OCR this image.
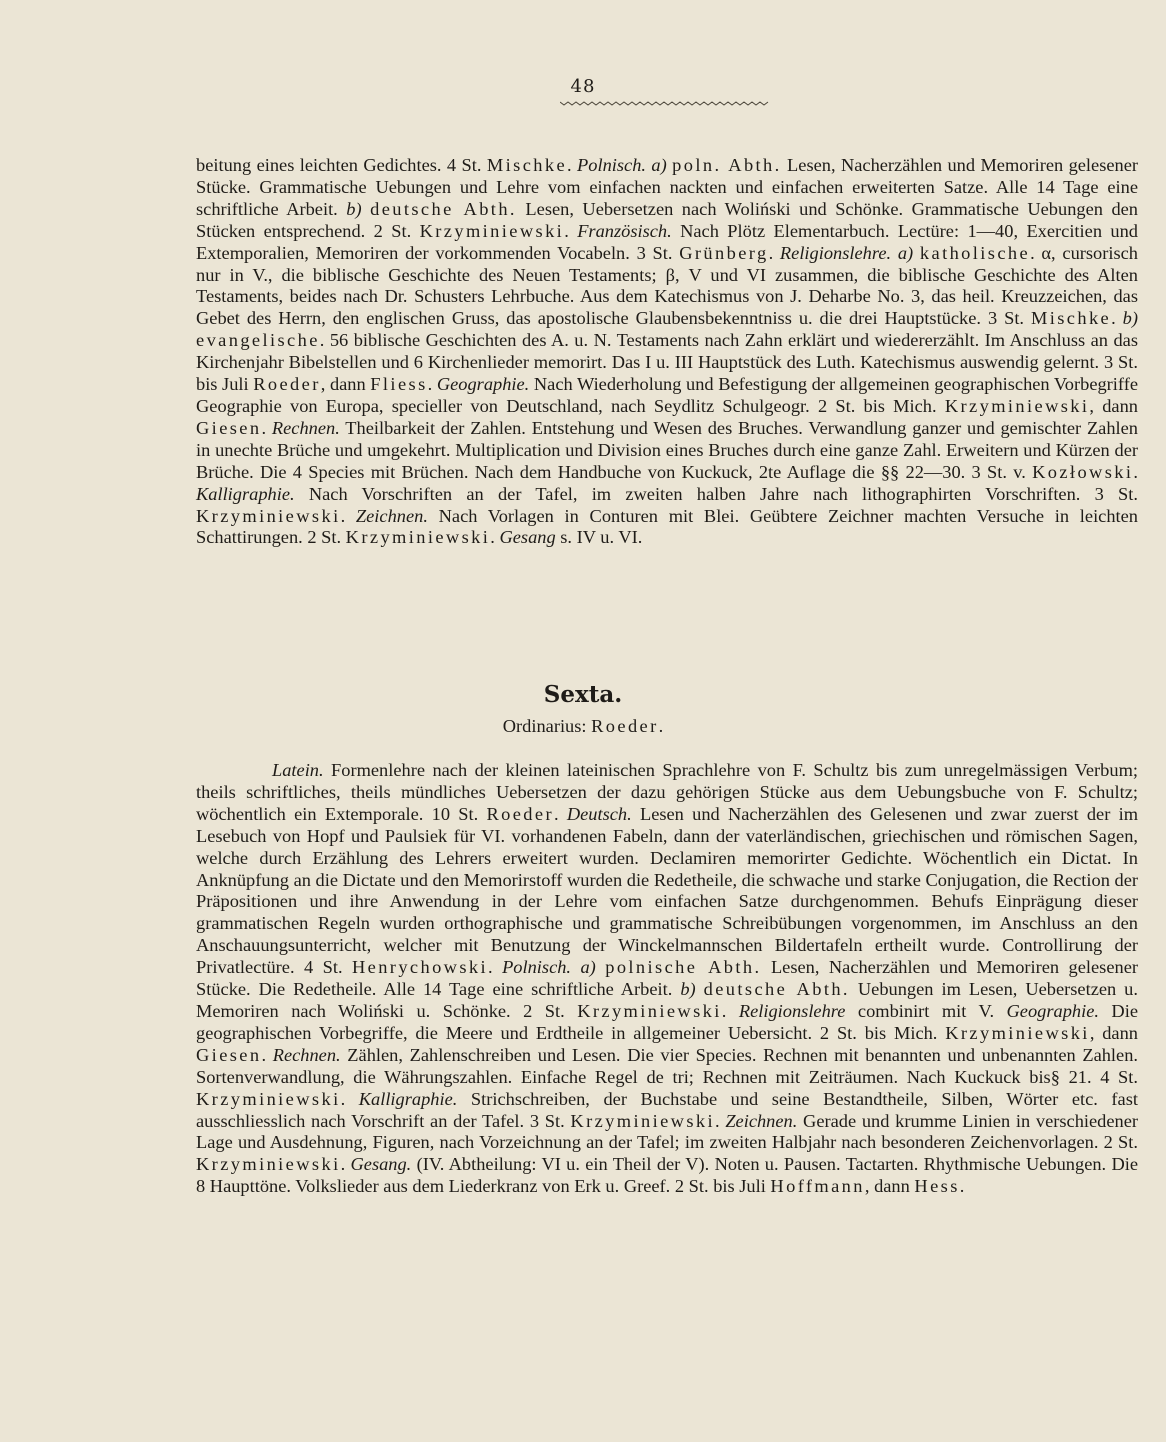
48

beitung eines leichten Gedichtes. 4 St. Mischke. Polnisch. a) poln. Abth. Lesen, Nacherzählen und Memoriren gelesener Stücke. Grammatische Uebungen und Lehre vom einfachen nackten und einfachen erweiterten Satze. Alle 14 Tage eine schriftliche Arbeit. b) deutsche Abth. Lesen, Uebersetzen nach Woliński und Schönke. Grammatische Uebungen den Stücken entsprechend. 2 St. Krzyminiewski. Französisch. Nach Plötz Elementarbuch. Lectüre: 1—40, Exercitien und Extemporalien, Memoriren der vorkommenden Vocabeln. 3 St. Grünberg. Religionslehre. a) katholische. α, cursorisch nur in V., die biblische Geschichte des Neuen Testaments; β, V und VI zusammen, die biblische Geschichte des Alten Testaments, beides nach Dr. Schusters Lehrbuche. Aus dem Katechismus von J. Deharbe No. 3, das heil. Kreuzzeichen, das Gebet des Herrn, den englischen Gruss, das apostolische Glaubensbekenntniss u. die drei Hauptstücke. 3 St. Mischke. b) evangelische. 56 biblische Geschichten des A. u. N. Testaments nach Zahn erklärt und wiedererzählt. Im Anschluss an das Kirchenjahr Bibelstellen und 6 Kirchenlieder memorirt. Das I u. III Hauptstück des Luth. Katechismus auswendig gelernt. 3 St. bis Juli Roeder, dann Fliess. Geographie. Nach Wiederholung und Befestigung der allgemeinen geographischen Vorbegriffe Geographie von Europa, specieller von Deutschland, nach Seydlitz Schulgeogr. 2 St. bis Mich. Krzyminiewski, dann Giesen. Rechnen. Theilbarkeit der Zahlen. Entstehung und Wesen des Bruches. Verwandlung ganzer und gemischter Zahlen in unechte Brüche und umgekehrt. Multiplication und Division eines Bruches durch eine ganze Zahl. Erweitern und Kürzen der Brüche. Die 4 Species mit Brüchen. Nach dem Handbuche von Kuckuck, 2te Auflage die §§ 22—30. 3 St. v. Kozłowski. Kalligraphie. Nach Vorschriften an der Tafel, im zweiten halben Jahre nach lithographirten Vorschriften. 3 St. Krzyminiewski. Zeichnen. Nach Vorlagen in Conturen mit Blei. Geübtere Zeichner machten Versuche in leichten Schattirungen. 2 St. Krzyminiewski. Gesang s. IV u. VI.

Sexta.
Ordinarius: Roeder.

Latein. Formenlehre nach der kleinen lateinischen Sprachlehre von F. Schultz bis zum unregelmässigen Verbum; theils schriftliches, theils mündliches Uebersetzen der dazu gehörigen Stücke aus dem Uebungsbuche von F. Schultz; wöchentlich ein Extemporale. 10 St. Roeder. Deutsch. Lesen und Nacherzählen des Gelesenen und zwar zuerst der im Lesebuch von Hopf und Paulsiek für VI. vorhandenen Fabeln, dann der vaterländischen, griechischen und römischen Sagen, welche durch Erzählung des Lehrers erweitert wurden. Declamiren memorirter Gedichte. Wöchentlich ein Dictat. In Anknüpfung an die Dictate und den Memorirstoff wurden die Redetheile, die schwache und starke Conjugation, die Rection der Präpositionen und ihre Anwendung in der Lehre vom einfachen Satze durchgenommen. Behufs Einprägung dieser grammatischen Regeln wurden orthographische und grammatische Schreibübungen vorgenommen, im Anschluss an den Anschauungsunterricht, welcher mit Benutzung der Winckelmannschen Bildertafeln ertheilt wurde. Controllirung der Privatlectüre. 4 St. Henrychowski. Polnisch. a) polnische Abth. Lesen, Nacherzählen und Memoriren gelesener Stücke. Die Redetheile. Alle 14 Tage eine schriftliche Arbeit. b) deutsche Abth. Uebungen im Lesen, Uebersetzen u. Memoriren nach Woliński u. Schönke. 2 St. Krzyminiewski. Religionslehre combinirt mit V. Geographie. Die geographischen Vorbegriffe, die Meere und Erdtheile in allgemeiner Uebersicht. 2 St. bis Mich. Krzyminiewski, dann Giesen. Rechnen. Zählen, Zahlenschreiben und Lesen. Die vier Species. Rechnen mit benannten und unbenannten Zahlen. Sortenverwandlung, die Währungszahlen. Einfache Regel de tri; Rechnen mit Zeiträumen. Nach Kuckuck bis§ 21. 4 St. Krzyminiewski. Kalligraphie. Strichschreiben, der Buchstabe und seine Bestandtheile, Silben, Wörter etc. fast ausschliesslich nach Vorschrift an der Tafel. 3 St. Krzyminiewski. Zeichnen. Gerade und krumme Linien in verschiedener Lage und Ausdehnung, Figuren, nach Vorzeichnung an der Tafel; im zweiten Halbjahr nach besonderen Zeichenvorlagen. 2 St. Krzyminiewski. Gesang. (IV. Abtheilung: VI u. ein Theil der V). Noten u. Pausen. Tactarten. Rhythmische Uebungen. Die 8 Haupttöne. Volkslieder aus dem Liederkranz von Erk u. Greef. 2 St. bis Juli Hoffmann, dann Hess.
